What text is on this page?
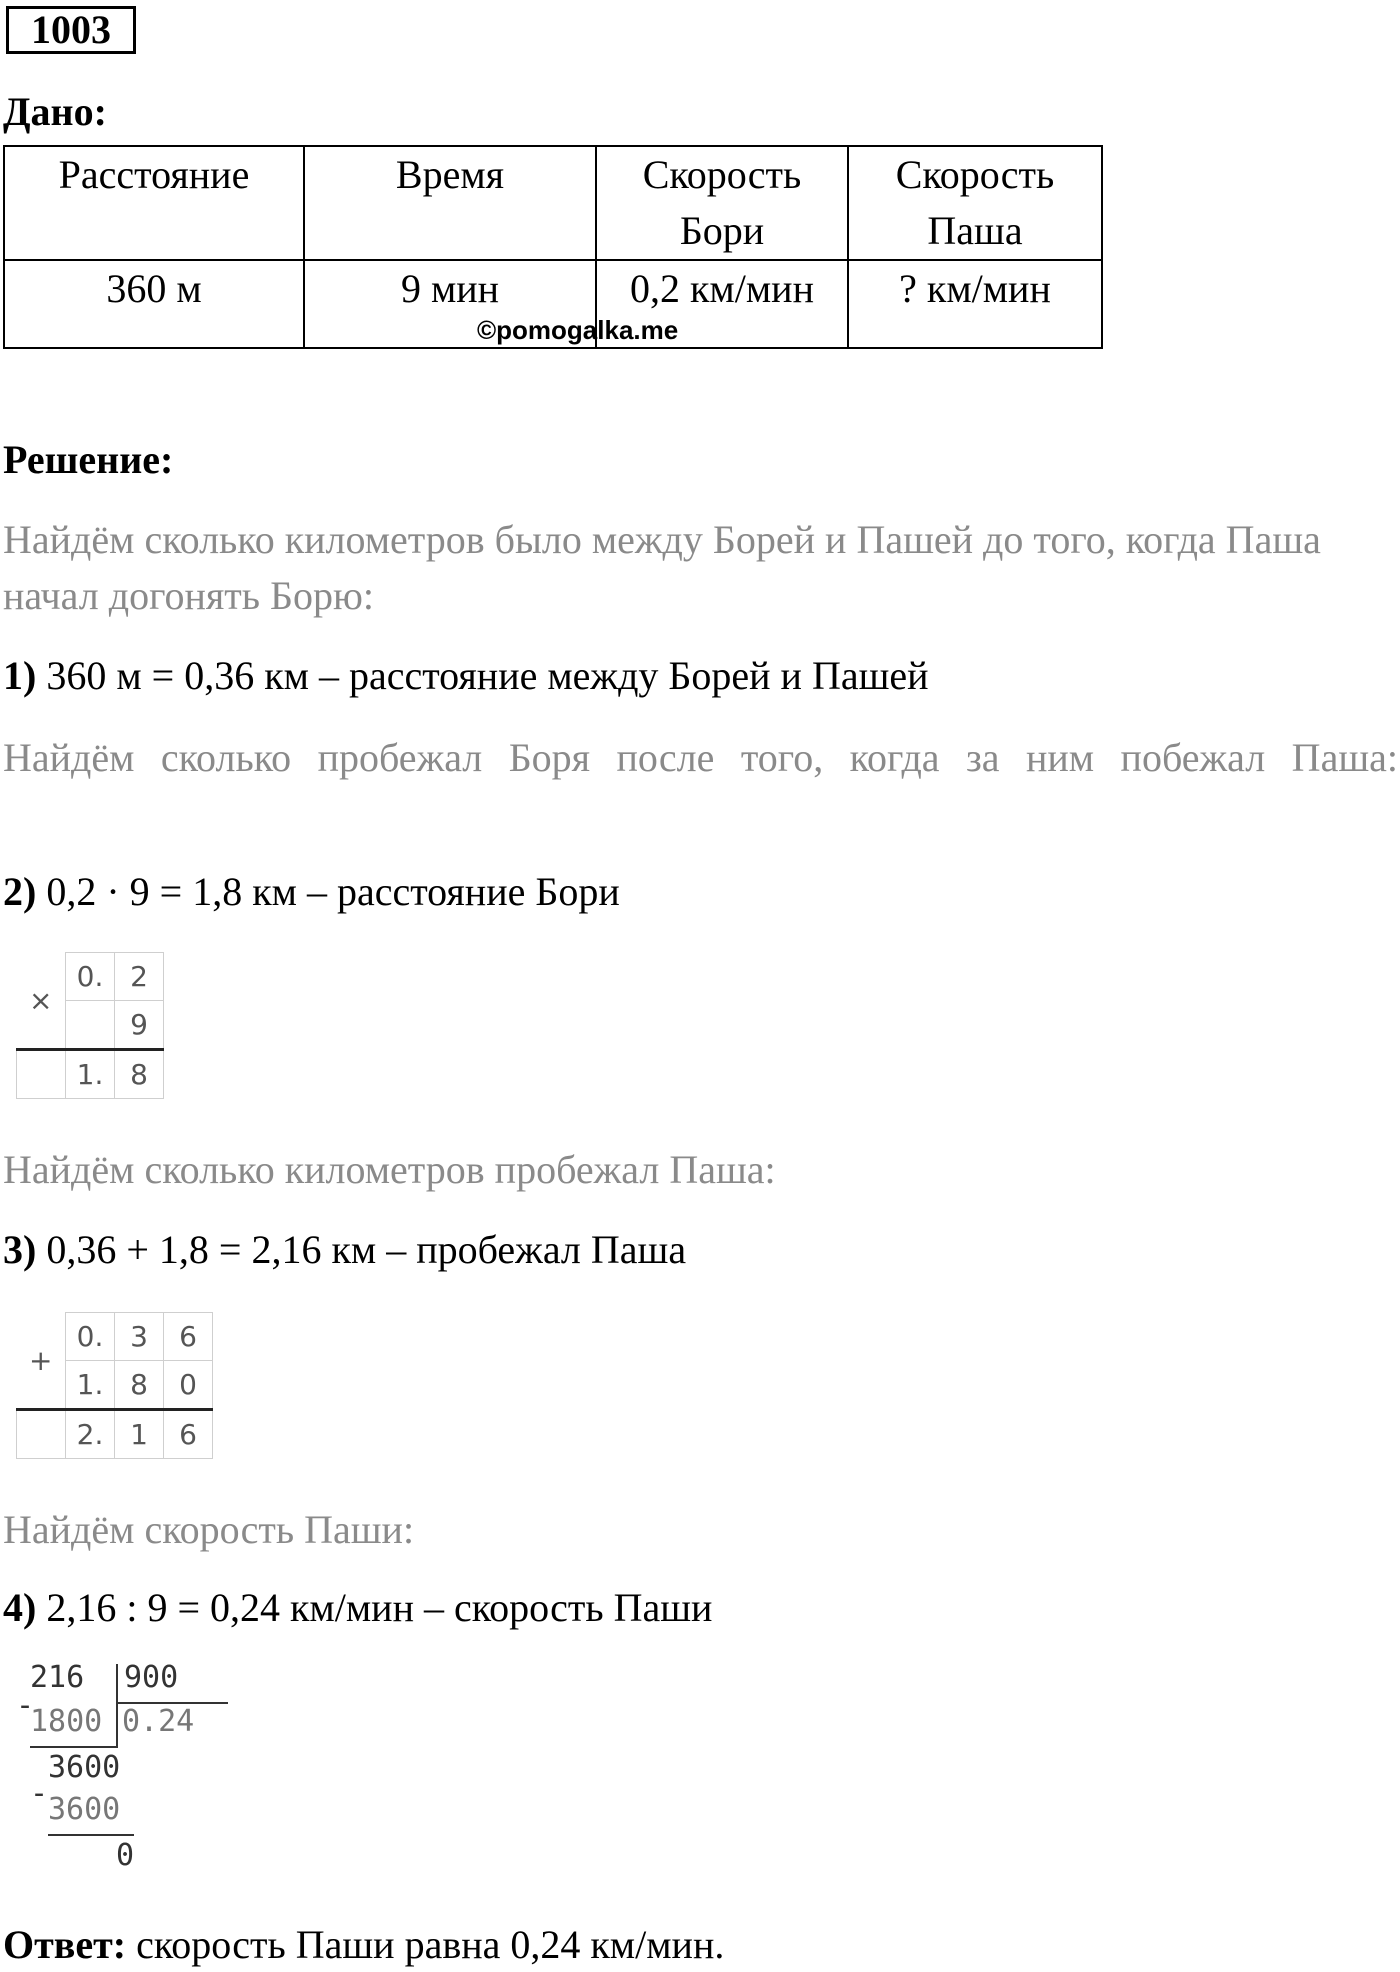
1003
Дано:
Расстояние	Время	Скорость Бори	Скорость Паша
360 м	9 мин	0,2 км/мин	? км/мин
©pomogalka.me
Решение:
Найдём сколько километров было между Борей и Пашей до того, когда Паша начал догонять Борю:
1) 360 м = 0,36 км – расстояние между Борей и Пашей
Найдём сколько пробежал Боря после того, когда за ним побежал Паша:
2) 0,2 · 9 = 1,8 км – расстояние Бори
×	0.	2
		9
	1.	8
Найдём сколько километров пробежал Паша:
3) 0,36 + 1,8 = 2,16 км – пробежал Паша
+	0.	3	6
	1.	8	0
	2.	1	6
Найдём скорость Паши:
4) 2,16 : 9 = 0,24 км/мин – скорость Паши
216 900
-
1800 0.24
-
3600
3600
0
Ответ: скорость Паши равна 0,24 км/мин.
